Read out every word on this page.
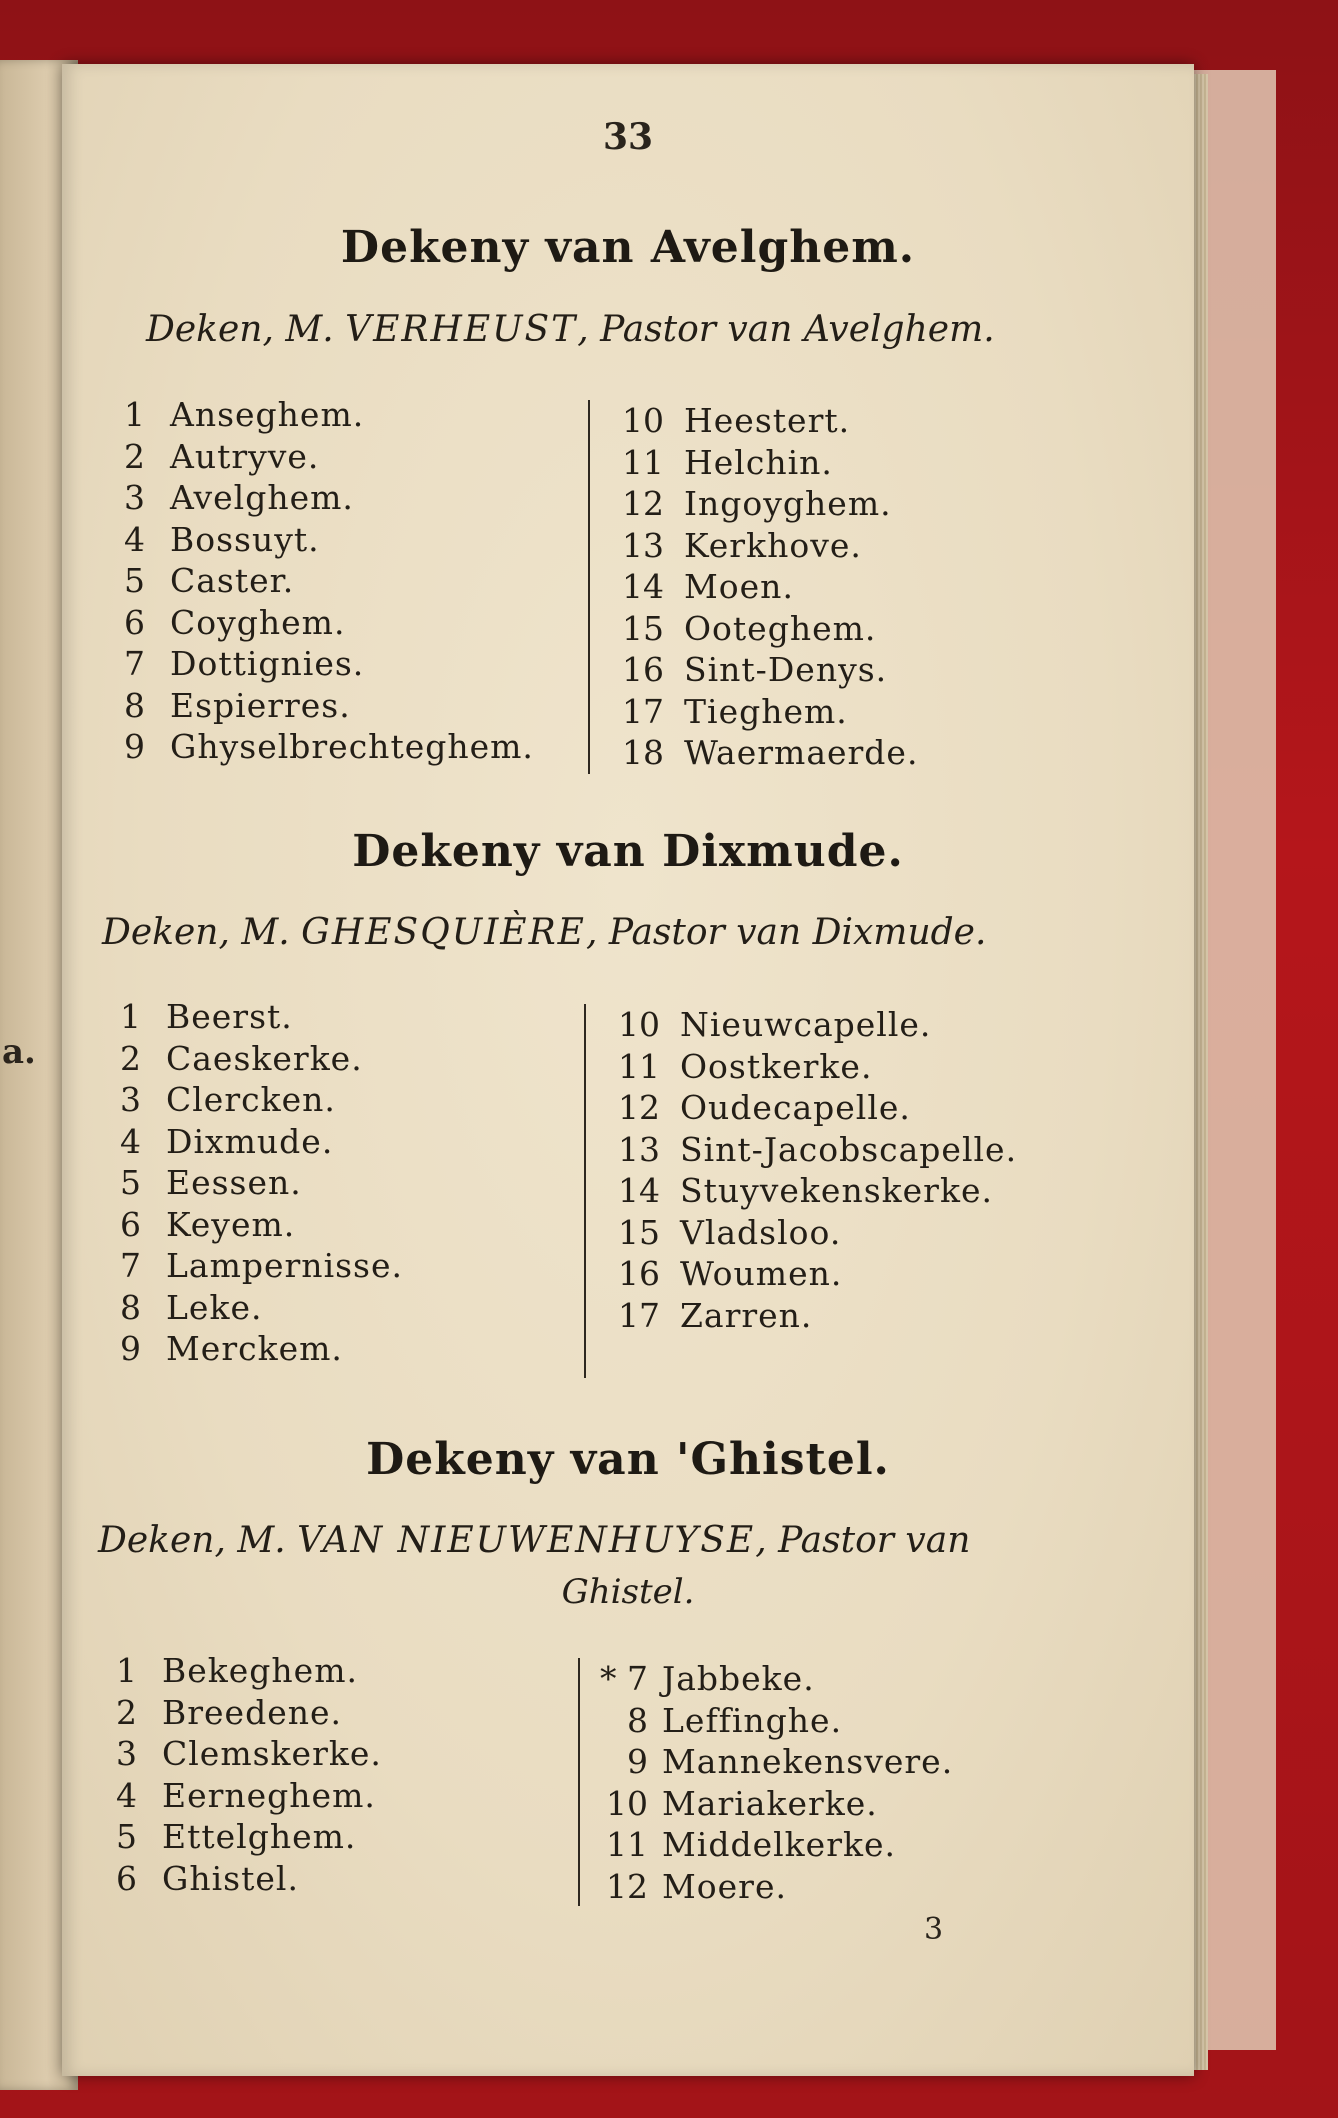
a.
33
Dekeny van Avelghem.
Deken, M. VERHEUST, Pastor van Avelghem.
1 Anseghem.
2 Autryve.
3 Avelghem.
4 Bossuyt.
5 Caster.
6 Coyghem.
7 Dottignies.
8 Espierres.
9 Ghyselbrechteghem.
10 Heestert.
11 Helchin.
12 Ingoyghem.
13 Kerkhove.
14 Moen.
15 Ooteghem.
16 Sint-Denys.
17 Tieghem.
18 Waermaerde.
Dekeny van Dixmude.
Deken, M. GHESQUIÈRE, Pastor van Dixmude.
1 Beerst.
2 Caeskerke.
3 Clercken.
4 Dixmude.
5 Eessen.
6 Keyem.
7 Lampernisse.
8 Leke.
9 Merckem.
10 Nieuwcapelle.
11 Oostkerke.
12 Oudecapelle.
13 Sint-Jacobscapelle.
14 Stuyvekenskerke.
15 Vladsloo.
16 Woumen.
17 Zarren.
Dekeny van 'Ghistel.
Deken, M. VAN NIEUWENHUYSE, Pastor van
Ghistel.
1 Bekeghem.
2 Breedene.
3 Clemskerke.
4 Eerneghem.
5 Ettelghem.
6 Ghistel.
* 7 Jabbeke.
8 Leffinghe.
9 Mannekensvere.
10 Mariakerke.
11 Middelkerke.
12 Moere.
3
